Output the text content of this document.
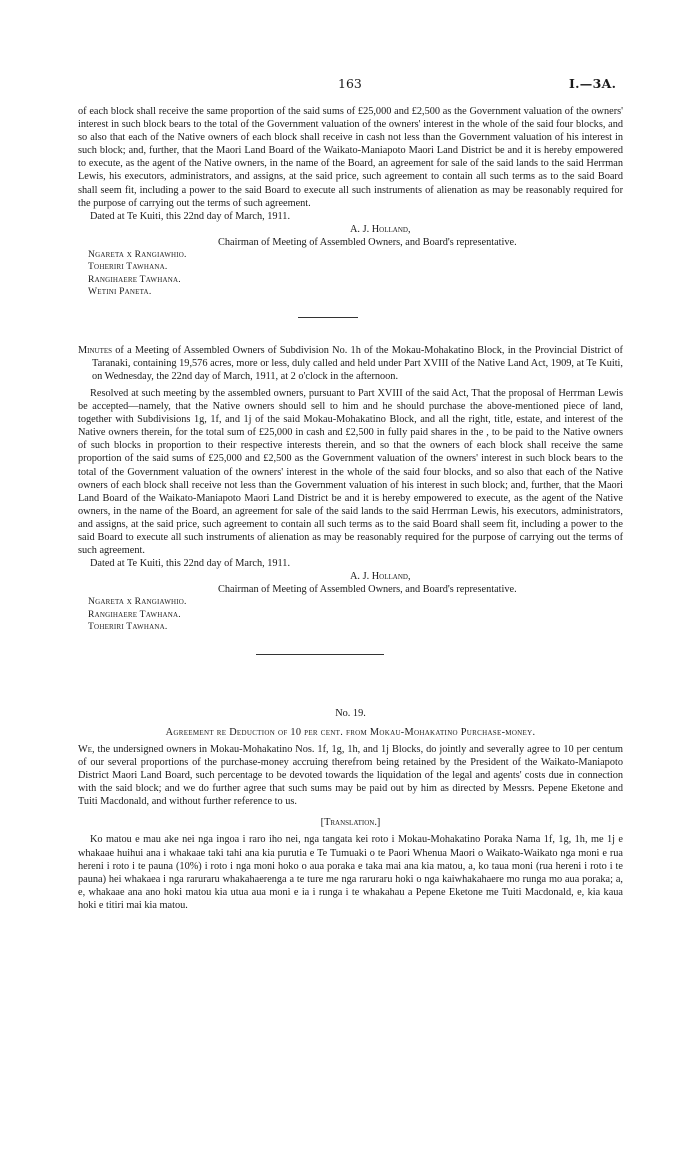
163	I.—3A.

of each block shall receive the same proportion of the said sums of £25,000 and £2,500 as the Government valuation of the owners' interest in such block bears to the total of the Government valuation of the owners' interest in the whole of the said four blocks, and so also that each of the Native owners of each block shall receive in cash not less than the Government valuation of his interest in such block; and, further, that the Maori Land Board of the Waikato-Maniapoto Maori Land District be and it is hereby empowered to execute, as the agent of the Native owners, in the name of the Board, an agreement for sale of the said lands to the said Herrman Lewis, his executors, administrators, and assigns, at the said price, such agreement to contain all such terms as to the said Board shall seem fit, including a power to the said Board to execute all such instruments of alienation as may be reasonably required for the purpose of carrying out the terms of such agreement.

Dated at Te Kuiti, this 22nd day of March, 1911.

A. J. Holland,

Chairman of Meeting of Assembled Owners, and Board's representative.

Ngareta x Rangiawhio.
Toheriri Tawhana.
Rangihaere Tawhana.
Wetini Paneta.

Minutes of a Meeting of Assembled Owners of Subdivision No. 1h of the Mokau-Mohakatino Block, in the Provincial District of Taranaki, containing 19,576 acres, more or less, duly called and held under Part XVIII of the Native Land Act, 1909, at Te Kuiti, on Wednesday, the 22nd day of March, 1911, at 2 o'clock in the afternoon.

Resolved at such meeting by the assembled owners, pursuant to Part XVIII of the said Act, That the proposal of Herrman Lewis be accepted—namely, that the Native owners should sell to him and he should purchase the above-mentioned piece of land, together with Subdivisions 1g, 1f, and 1j of the said Mokau-Mohakatino Block, and all the right, title, estate, and interest of the Native owners therein, for the total sum of £25,000 in cash and £2,500 in fully paid shares in the , to be paid to the Native owners of such blocks in proportion to their respective interests therein, and so that the owners of each block shall receive the same proportion of the said sums of £25,000 and £2,500 as the Government valuation of the owners' interest in such block bears to the total of the Government valuation of the owners' interest in the whole of the said four blocks, and so also that each of the Native owners of each block shall receive not less than the Government valuation of his interest in such block; and, further, that the Maori Land Board of the Waikato-Maniapoto Maori Land District be and it is hereby empowered to execute, as the agent of the Native owners, in the name of the Board, an agreement for sale of the said lands to the said Herrman Lewis, his executors, administrators, and assigns, at the said price, such agreement to contain all such terms as to the said Board shall seem fit, including a power to the said Board to execute all such instruments of alienation as may be reasonably required for the purpose of carrying out the terms of such agreement.

Dated at Te Kuiti, this 22nd day of March, 1911.

A. J. Holland,

Chairman of Meeting of Assembled Owners, and Board's representative.

Ngareta x Rangiawhio.
Rangihaere Tawhana.
Toheriri Tawhana.

No. 19.

Agreement re Deduction of 10 per cent. from Mokau-Mohakatino Purchase-money.

We, the undersigned owners in Mokau-Mohakatino Nos. 1f, 1g, 1h, and 1j Blocks, do jointly and severally agree to 10 per centum of our several proportions of the purchase-money accruing therefrom being retained by the President of the Waikato-Maniapoto District Maori Land Board, such percentage to be devoted towards the liquidation of the legal and agents' costs due in connection with the said block; and we do further agree that such sums may be paid out by him as directed by Messrs. Pepene Eketone and Tuiti Macdonald, and without further reference to us.

[Translation.]

Ko matou e mau ake nei nga ingoa i raro iho nei, nga tangata kei roto i Mokau-Mohakatino Poraka Nama 1f, 1g, 1h, me 1j e whakaae huihui ana i whakaae taki tahi ana kia purutia e Te Tumuaki o te Paori Whenua Maori o Waikato-Waikato nga moni e rua hereni i roto i te pauna (10%) i roto i nga moni hoko o aua poraka e taka mai ana kia matou, a, ko taua moni (rua hereni i roto i te pauna) hei whakaea i nga raruraru whakahaerenga a te ture me nga raruraru hoki o nga kaiwhakahaere mo runga mo aua poraka; a, e, whakaae ana ano hoki matou kia utua aua moni e ia i runga i te whakahau a Pepene Eketone me Tuiti Macdonald, e, kia kaua hoki e titiri mai kia matou.
